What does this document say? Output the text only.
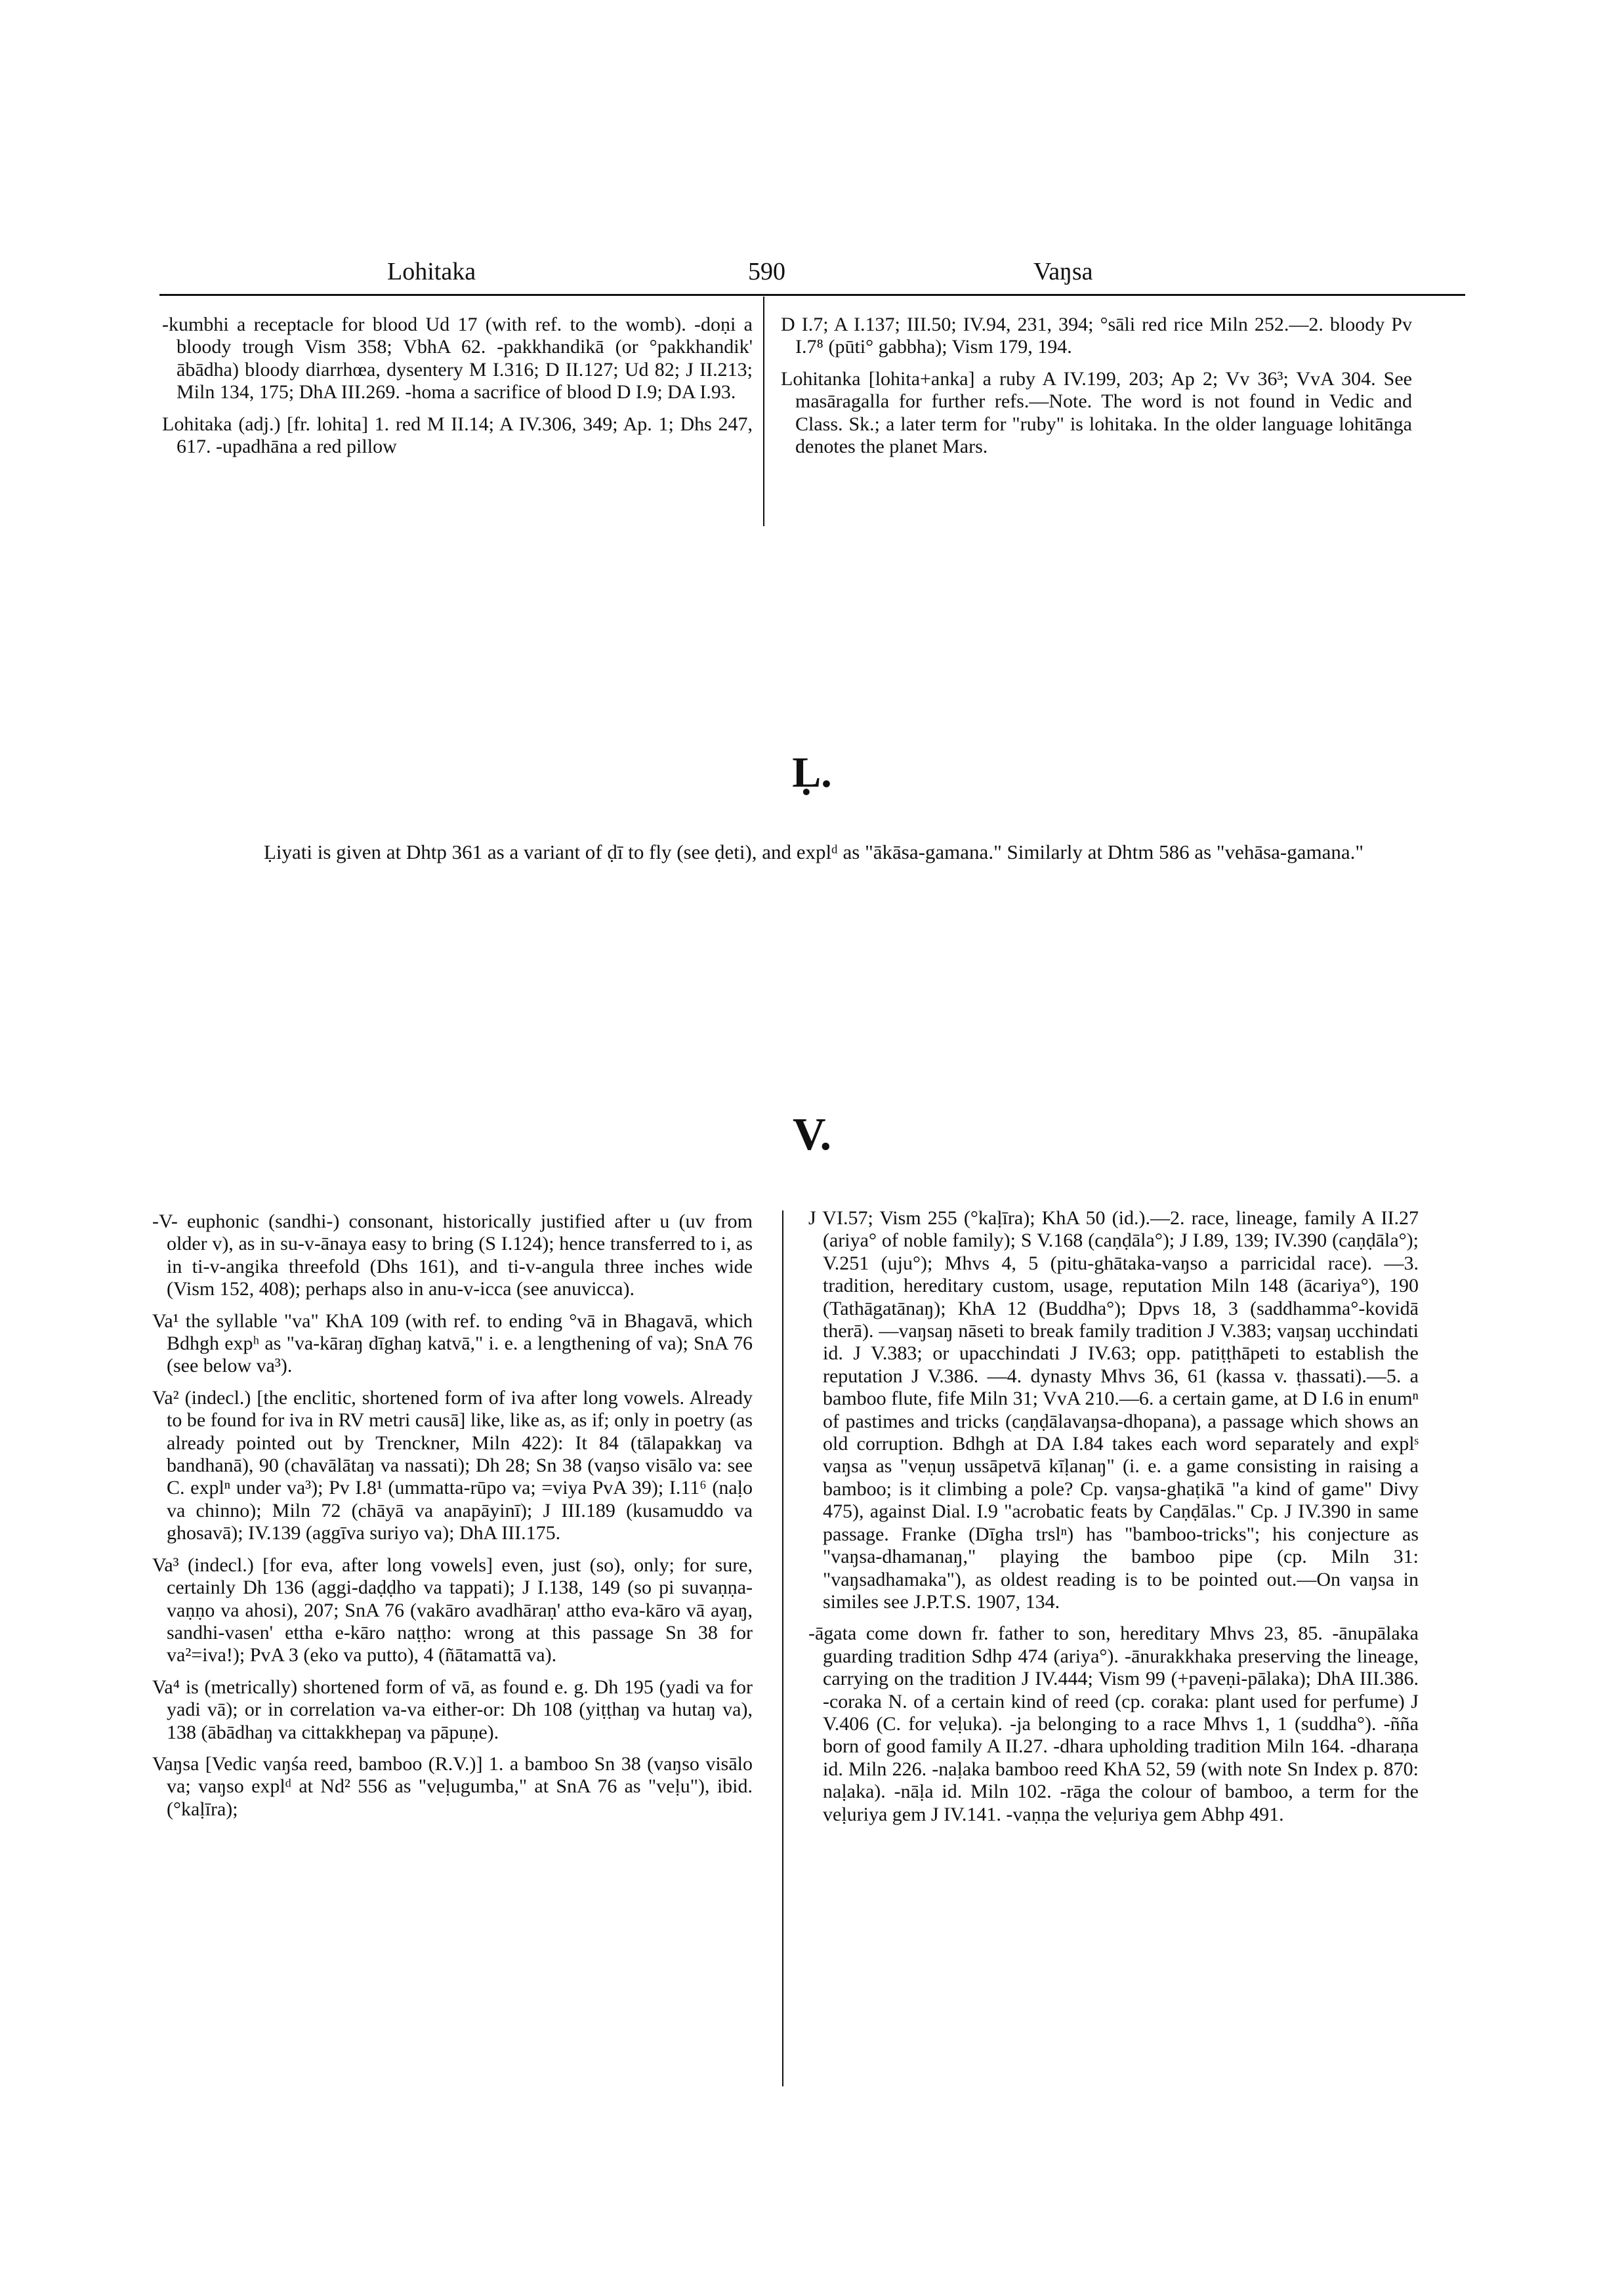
Lohitaka	590	Vaŋsa

-kumbhi a receptacle for blood Ud 17 (with ref. to the womb). -doṇi a bloody trough Vism 358; VbhA 62. -pakkhandikā (or °pakkhandik' ābādha) bloody diarrhœa, dysentery M I.316; D II.127; Ud 82; J II.213; Miln 134, 175; DhA III.269. -homa a sacrifice of blood D I.9; DA I.93.

Lohitaka (adj.) [fr. lohita] 1. red M II.14; A IV.306, 349; Ap. 1; Dhs 247, 617. -upadhāna a red pillow

D I.7; A I.137; III.50; IV.94, 231, 394; °sāli red rice Miln 252.—2. bloody Pv I.7⁸ (pūti° gabbha); Vism 179, 194.

Lohitanka [lohita+anka] a ruby A IV.199, 203; Ap 2; Vv 36³; VvA 304. See masāragalla for further refs.—Note. The word is not found in Vedic and Class. Sk.; a later term for "ruby" is lohitaka. In the older language lohitānga denotes the planet Mars.

Ḷ.
Ḷiyati is given at Dhtp 361 as a variant of ḍī to fly (see ḍeti), and explᵈ as "ākāsa-gamana." Similarly at Dhtm 586 as "vehāsa-gamana."
V.

-V- euphonic (sandhi-) consonant, historically justified after u (uv from older v), as in su-v-ānaya easy to bring (S I.124); hence transferred to i, as in ti-v-angika threefold (Dhs 161), and ti-v-angula three inches wide (Vism 152, 408); perhaps also in anu-v-icca (see anuvicca).

Va¹ the syllable "va" KhA 109 (with ref. to ending °vā in Bhagavā, which Bdhgh expʰ as "va-kāraŋ dīghaŋ katvā," i. e. a lengthening of va); SnA 76 (see below va³).

Va² (indecl.) [the enclitic, shortened form of iva after long vowels. Already to be found for iva in RV metri causā] like, like as, as if; only in poetry (as already pointed out by Trenckner, Miln 422): It 84 (tālapakkaŋ va bandhanā), 90 (chavālātaŋ va nassati); Dh 28; Sn 38 (vaŋso visālo va: see C. explⁿ under va³); Pv I.8¹ (ummatta-rūpo va; =viya PvA 39); I.11⁶ (naḷo va chinno); Miln 72 (chāyā va anapāyinī); J III.189 (kusamuddo va ghosavā); IV.139 (aggīva suriyo va); DhA III.175.

Va³ (indecl.) [for eva, after long vowels] even, just (so), only; for sure, certainly Dh 136 (aggi-daḍḍho va tappati); J I.138, 149 (so pi suvaṇṇa-vaṇṇo va ahosi), 207; SnA 76 (vakāro avadhāraṇ' attho eva-kāro vā ayaŋ, sandhi-vasen' ettha e-kāro naṭṭho: wrong at this passage Sn 38 for va²=iva!); PvA 3 (eko va putto), 4 (ñātamattā va).

Va⁴ is (metrically) shortened form of vā, as found e. g. Dh 195 (yadi va for yadi vā); or in correlation va-va either-or: Dh 108 (yiṭṭhaŋ va hutaŋ va), 138 (ābādhaŋ va cittakkhepaŋ va pāpuṇe).

Vaŋsa [Vedic vaŋśa reed, bamboo (R.V.)] 1. a bamboo Sn 38 (vaŋso visālo va; vaŋso explᵈ at Nd² 556 as "veḷugumba," at SnA 76 as "veḷu"), ibid. (°kaḷīra);

J VI.57; Vism 255 (°kaḷīra); KhA 50 (id.).—2. race, lineage, family A II.27 (ariya° of noble family); S V.168 (caṇḍāla°); J I.89, 139; IV.390 (caṇḍāla°); V.251 (uju°); Mhvs 4, 5 (pitu-ghātaka-vaŋso a parricidal race). —3. tradition, hereditary custom, usage, reputation Miln 148 (ācariya°), 190 (Tathāgatānaŋ); KhA 12 (Buddha°); Dpvs 18, 3 (saddhamma°-kovidā therā). —vaŋsaŋ nāseti to break family tradition J V.383; vaŋsaŋ ucchindati id. J V.383; or upacchindati J IV.63; opp. patiṭṭhāpeti to establish the reputation J V.386. —4. dynasty Mhvs 36, 61 (kassa v. ṭhassati).—5. a bamboo flute, fife Miln 31; VvA 210.—6. a certain game, at D I.6 in enumⁿ of pastimes and tricks (caṇḍālavaŋsa-dhopana), a passage which shows an old corruption. Bdhgh at DA I.84 takes each word separately and explˢ vaŋsa as "veṇuŋ ussāpetvā kīḷanaŋ" (i. e. a game consisting in raising a bamboo; is it climbing a pole? Cp. vaŋsa-ghaṭikā "a kind of game" Divy 475), against Dial. I.9 "acrobatic feats by Caṇḍālas." Cp. J IV.390 in same passage. Franke (Dīgha trslⁿ) has "bamboo-tricks"; his conjecture as "vaŋsa-dhamanaŋ," playing the bamboo pipe (cp. Miln 31: "vaŋsadhamaka"), as oldest reading is to be pointed out.—On vaŋsa in similes see J.P.T.S. 1907, 134.

-āgata come down fr. father to son, hereditary Mhvs 23, 85. -ānupālaka guarding tradition Sdhp 474 (ariya°). -ānurakkhaka preserving the lineage, carrying on the tradition J IV.444; Vism 99 (+paveṇi-pālaka); DhA III.386. -coraka N. of a certain kind of reed (cp. coraka: plant used for perfume) J V.406 (C. for veḷuka). -ja belonging to a race Mhvs 1, 1 (suddha°). -ñña born of good family A II.27. -dhara upholding tradition Miln 164. -dharaṇa id. Miln 226. -naḷaka bamboo reed KhA 52, 59 (with note Sn Index p. 870: naḷaka). -nāḷa id. Miln 102. -rāga the colour of bamboo, a term for the veḷuriya gem J IV.141. -vaṇṇa the veḷuriya gem Abhp 491.
